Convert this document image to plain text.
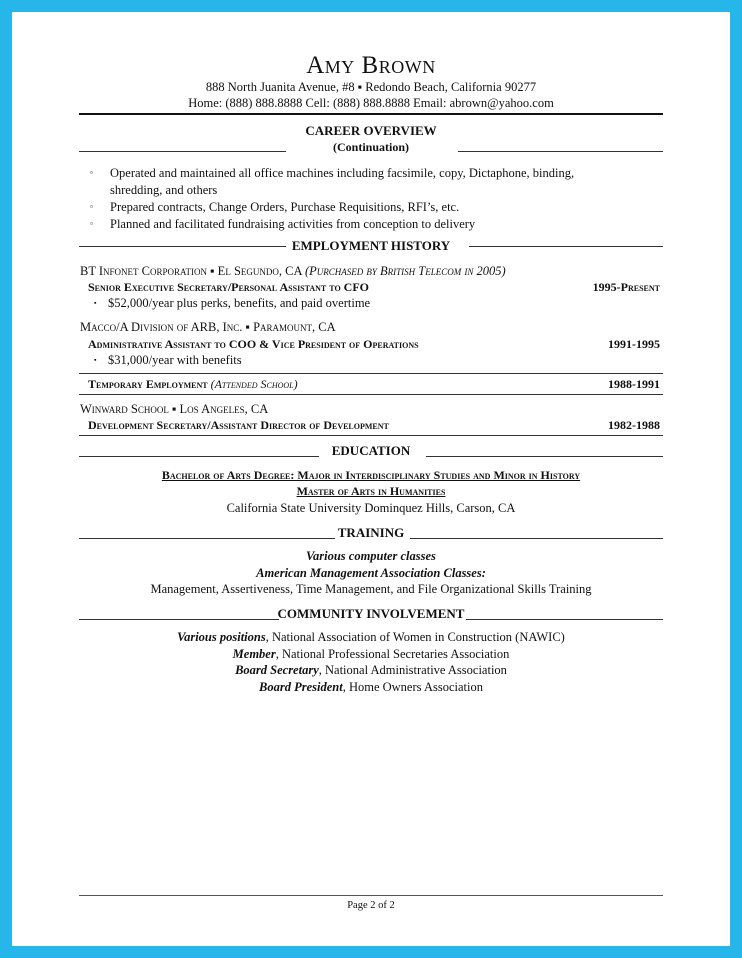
Amy Brown
888 North Juanita Avenue, #8 ▪ Redondo Beach, California 90277
Home: (888) 888.8888 Cell: (888) 888.8888 Email: abrown@yahoo.com
CAREER OVERVIEW
(Continuation)
▫ Operated and maintained all office machines including facsimile, copy, Dictaphone, binding,
shredding, and others
▫ Prepared contracts, Change Orders, Purchase Requisitions, RFI’s, etc.
▫ Planned and facilitated fundraising activities from conception to delivery
EMPLOYMENT HISTORY
BT Infonet Corporation ▪ El Segundo, CA (Purchased by British Telecom in 2005)
Senior Executive Secretary/Personal Assistant to CFO	1995-Present
▪ $52,000/year plus perks, benefits, and paid overtime
Macco/A Division of ARB, Inc. ▪ Paramount, CA
Administrative Assistant to COO & Vice President of Operations	1991-1995
▪ $31,000/year with benefits
Temporary Employment (Attended School)	1988-1991
Winward School ▪ Los Angeles, CA
Development Secretary/Assistant Director of Development	1982-1988
EDUCATION
Bachelor of Arts Degree: Major in Interdisciplinary Studies and Minor in History
Master of Arts in Humanities
California State University Dominquez Hills, Carson, CA
TRAINING
Various computer classes
American Management Association Classes:
Management, Assertiveness, Time Management, and File Organizational Skills Training
COMMUNITY INVOLVEMENT
Various positions, National Association of Women in Construction (NAWIC)
Member, National Professional Secretaries Association
Board Secretary, National Administrative Association
Board President, Home Owners Association
Page 2 of 2
